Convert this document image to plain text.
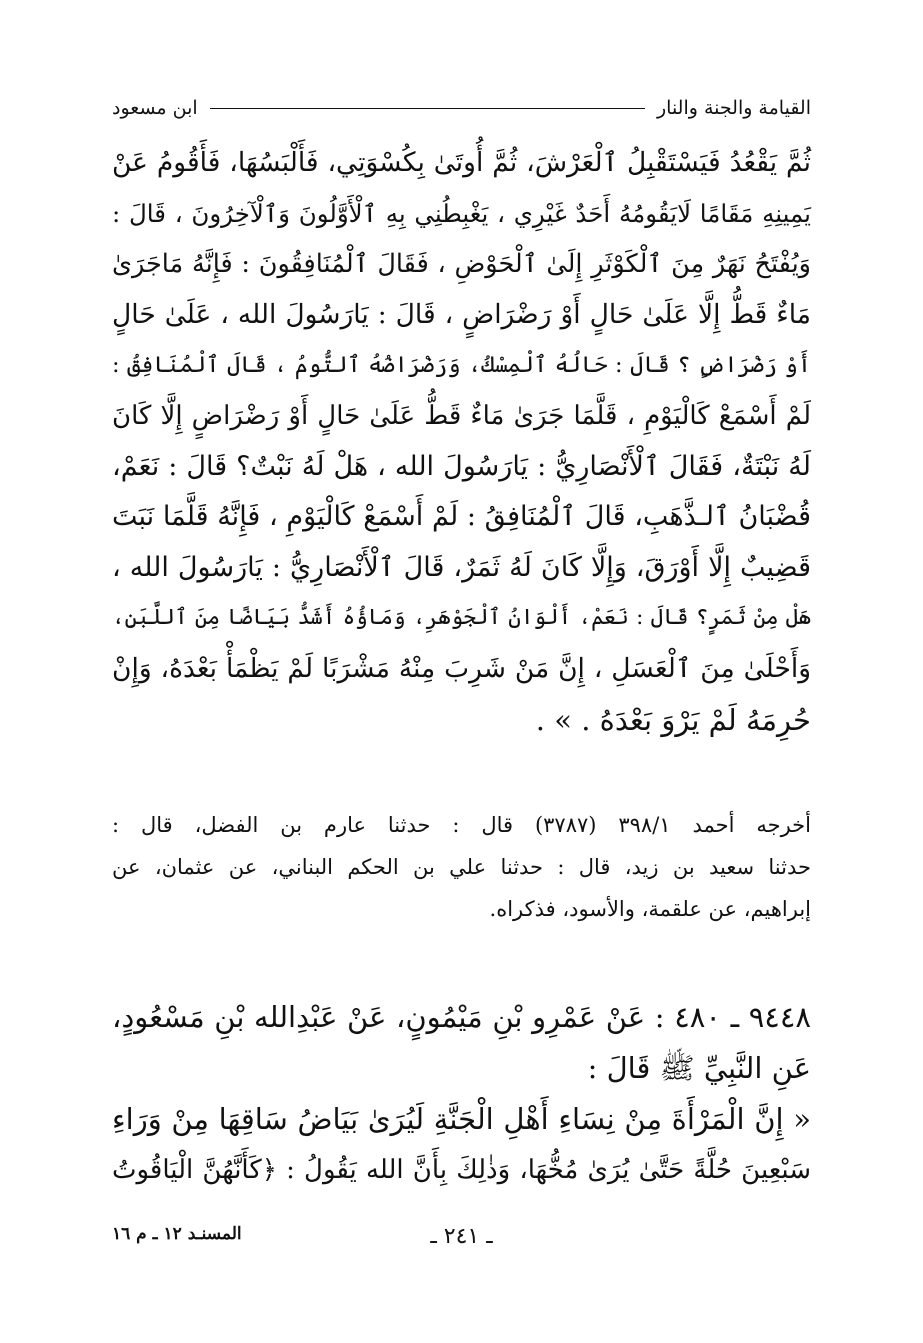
القيامة والجنة والنار
ابن مسعود
ثُمَّ يَقْعُدُ فَيَسْتَقْبِلُ ٱلْعَرْشَ، ثُمَّ أُوتَىٰ بِكُسْوَتِي، فَأَلْبَسُهَا، فَأَقُومُ عَنْ
يَمِينِهِ مَقَامًا لَايَقُومُهُ أَحَدٌ غَيْرِي ، يَغْبِطُنِي بِهِ ٱلْأَوَّلُونَ وَٱلْآخِرُونَ ، قَالَ :
وَيُفْتَحُ نَهَرٌ مِنَ ٱلْكَوْثَرِ إِلَىٰ ٱلْحَوْضِ ، فَقَالَ ٱلْمُنَافِقُونَ : فَإِنَّهُ مَاجَرَىٰ
مَاءٌ قَطُّ إِلَّا عَلَىٰ حَالٍ أَوْ رَضْرَاضٍ ، قَالَ : يَارَسُولَ الله ، عَلَىٰ حَالٍ
أَوْ رَضْرَاضٍ ؟ قَالَ : حَالُهُ ٱلْمِسْكُ، وَرَضْرَاضُهُ ٱلتُّومُ ، قَالَ ٱلْمُنَافِقُ :
لَمْ أَسْمَعْ كَالْيَوْمِ ، قَلَّمَا جَرَىٰ مَاءٌ قَطُّ عَلَىٰ حَالٍ أَوْ رَضْرَاضٍ إِلَّا كَانَ
لَهُ نَبْتَةٌ، فَقَالَ ٱلْأَنْصَارِيُّ : يَارَسُولَ الله ، هَلْ لَهُ نَبْتٌ؟ قَالَ : نَعَمْ،
قُضْبَانُ ٱلـذَّهَبِ، قَالَ ٱلْمُنَافِقُ : لَمْ أَسْمَعْ كَالْيَوْمِ ، فَإِنَّهُ قَلَّمَا نَبَتَ
قَضِيبٌ إِلَّا أَوْرَقَ، وَإِلَّا كَانَ لَهُ ثَمَرٌ، قَالَ ٱلْأَنْصَارِيُّ : يَارَسُولَ الله ،
هَلْ مِنْ ثَمَرٍ؟ قَالَ : نَعَمْ، أَلْوَانُ ٱلْجَوْهَرِ، وَمَاؤُهُ أَشَدُّ بَيَاضًا مِنَ ٱللَّبَنِ،
وَأَحْلَىٰ مِنَ ٱلْعَسَلِ ، إِنَّ مَنْ شَرِبَ مِنْهُ مَشْرَبًا لَمْ يَظْمَأْ بَعْدَهُ، وَإِنْ
حُرِمَهُ لَمْ يَرْوَ بَعْدَهُ . » .
أخرجه أحمد ٣٩٨/١ (٣٧٨٧) قال : حدثنا عارم بن الفضل، قال :
حدثنا سعيد بن زيد، قال : حدثنا علي بن الحكم البناني، عن عثمان، عن
إبراهيم، عن علقمة، والأسود، فذكراه.
٩٤٤٨ ـ ٤٨٠ : عَنْ عَمْرِو بْنِ مَيْمُونٍ، عَنْ عَبْدِالله بْنِ مَسْعُودٍ،
عَنِ النَّبِيِّ ﷺ قَالَ :
« إِنَّ الْمَرْأَةَ مِنْ نِسَاءِ أَهْلِ الْجَنَّةِ لَيُرَىٰ بَيَاضُ سَاقِهَا مِنْ وَرَاءِ
سَبْعِينَ حُلَّةً حَتَّىٰ يُرَىٰ مُخُّهَا، وَذٰلِكَ بِأَنَّ الله يَقُولُ : ﴿كَأَنَّهُنَّ الْيَاقُوتُ
ـ ٢٤١ ـ
المسنـد ١٢ ـ م ١٦
